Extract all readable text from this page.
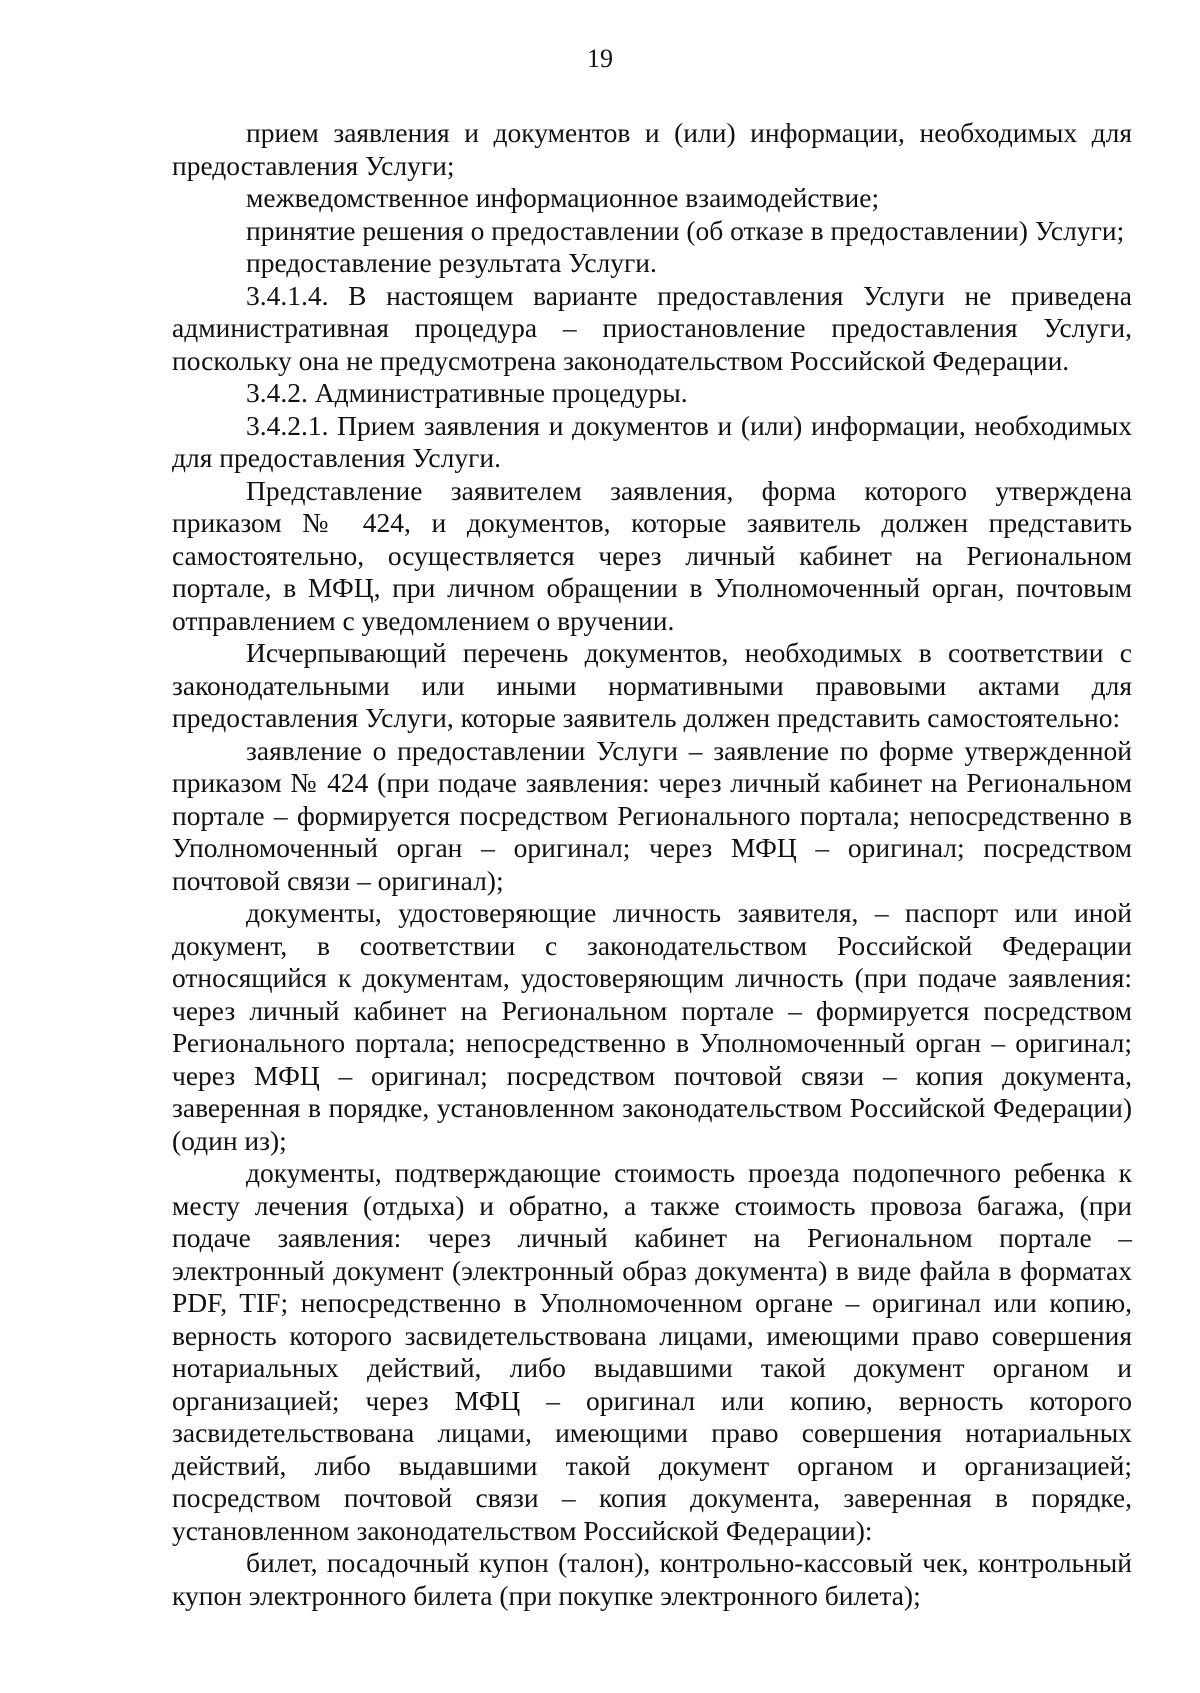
19

прием заявления и документов и (или) информации, необходимых для предоставления Услуги;

межведомственное информационное взаимодействие;

принятие решения о предоставлении (об отказе в предоставлении) Услуги;

предоставление результата Услуги.

3.4.1.4. В настоящем варианте предоставления Услуги не приведена административная процедура – приостановление предоставления Услуги, поскольку она не предусмотрена законодательством Российской Федерации.

3.4.2. Административные процедуры.

3.4.2.1. Прием заявления и документов и (или) информации, необходимых для предоставления Услуги.

Представление заявителем заявления, форма которого утверждена приказом № 424, и документов, которые заявитель должен представить самостоятельно, осуществляется через личный кабинет на Региональном портале, в МФЦ, при личном обращении в Уполномоченный орган, почтовым отправлением с уведомлением о вручении.

Исчерпывающий перечень документов, необходимых в соответствии с законодательными или иными нормативными правовыми актами для предоставления Услуги, которые заявитель должен представить самостоятельно:

заявление о предоставлении Услуги – заявление по форме утвержденной приказом № 424 (при подаче заявления: через личный кабинет на Региональном портале – формируется посредством Регионального портала; непосредственно в Уполномоченный орган – оригинал; через МФЦ – оригинал; посредством почтовой связи – оригинал);

документы, удостоверяющие личность заявителя, – паспорт или иной документ, в соответствии с законодательством Российской Федерации относящийся к документам, удостоверяющим личность (при подаче заявления: через личный кабинет на Региональном портале – формируется посредством Регионального портала; непосредственно в Уполномоченный орган – оригинал; через МФЦ – оригинал; посредством почтовой связи – копия документа, заверенная в порядке, установленном законодательством Российской Федерации) (один из);

документы, подтверждающие стоимость проезда подопечного ребенка к месту лечения (отдыха) и обратно, а также стоимость провоза багажа, (при подаче заявления: через личный кабинет на Региональном портале – электронный документ (электронный образ документа) в виде файла в форматах PDF, TIF; непосредственно в Уполномоченном органе – оригинал или копию, верность которого засвидетельствована лицами, имеющими право совершения нотариальных действий, либо выдавшими такой документ органом и организацией; через МФЦ – оригинал или копию, верность которого засвидетельствована лицами, имеющими право совершения нотариальных действий, либо выдавшими такой документ органом и организацией; посредством почтовой связи – копия документа, заверенная в порядке, установленном законодательством Российской Федерации):

билет, посадочный купон (талон), контрольно-кассовый чек, контрольный купон электронного билета (при покупке электронного билета);
